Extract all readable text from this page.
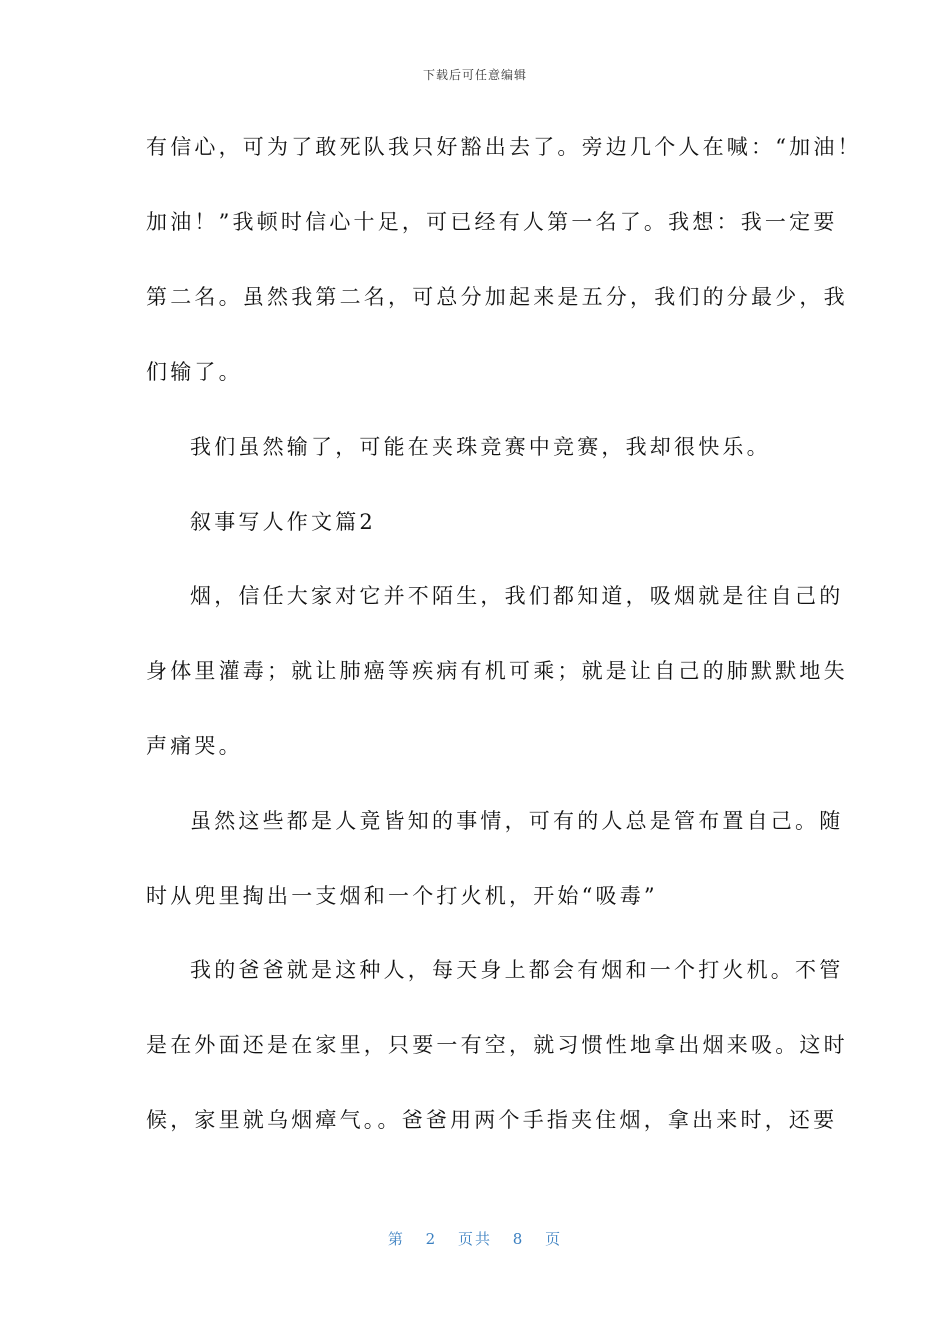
下载后可任意编辑
有信心，可为了敢死队我只好豁出去了。旁边几个人在喊：“加油！
加油！”我顿时信心十足，可已经有人第一名了。我想：我一定要
第二名。虽然我第二名，可总分加起来是五分，我们的分最少，我
们输了。
我们虽然输了，可能在夹珠竞赛中竞赛，我却很快乐。
叙事写人作文篇2
烟，信任大家对它并不陌生，我们都知道，吸烟就是往自己的
身体里灌毒；就让肺癌等疾病有机可乘；就是让自己的肺默默地失
声痛哭。
虽然这些都是人竟皆知的事情，可有的人总是管布置自己。随
时从兜里掏出一支烟和一个打火机，开始“吸毒”
我的爸爸就是这种人，每天身上都会有烟和一个打火机。不管
是在外面还是在家里，只要一有空，就习惯性地拿出烟来吸。这时
候，家里就乌烟瘴气。。爸爸用两个手指夹住烟，拿出来时，还要
第 2 页共 8 页
